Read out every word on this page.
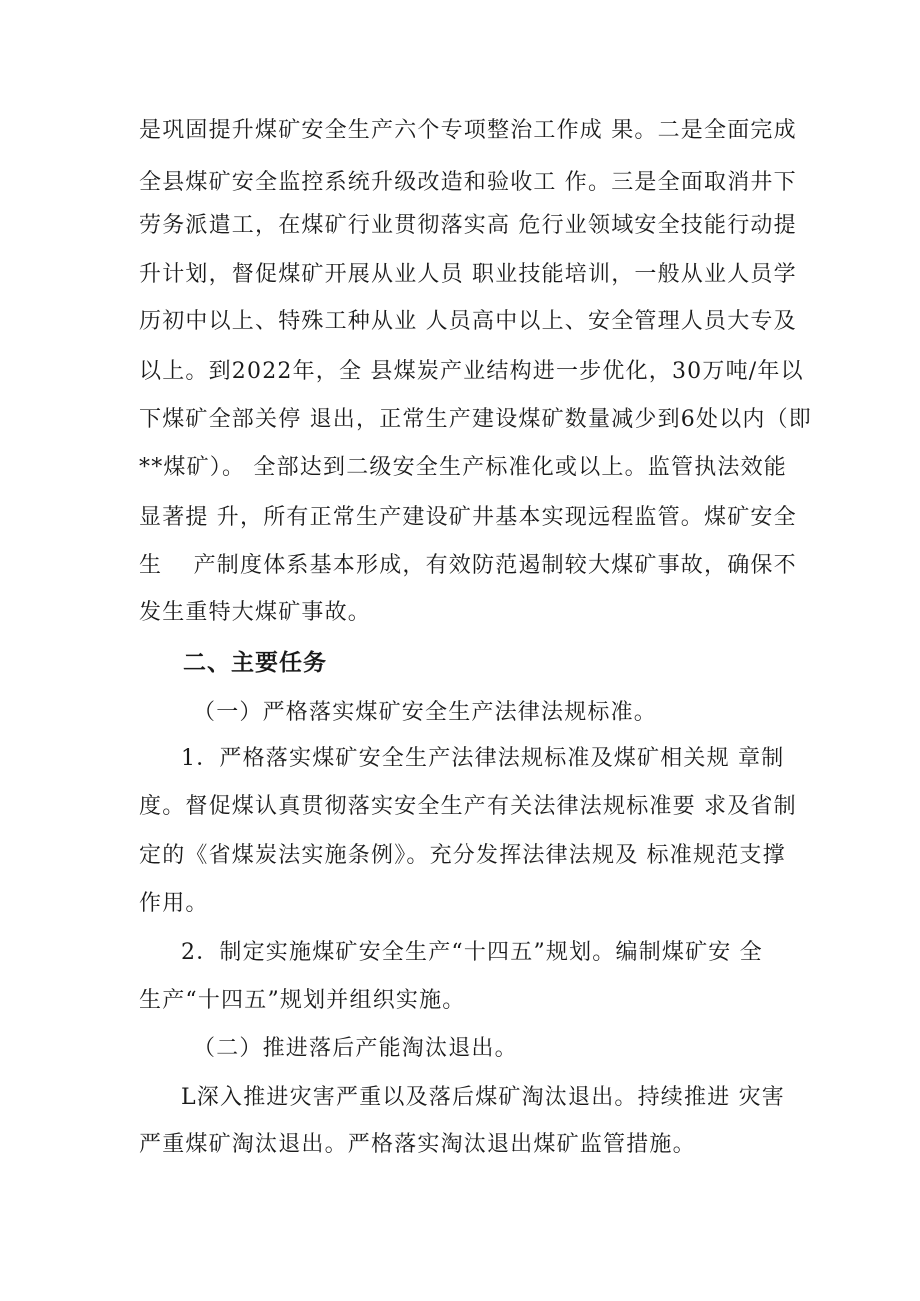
是巩固提升煤矿安全生产六个专项整治工作成 果。二是全面完成
全县煤矿安全监控系统升级改造和验收工 作。三是全面取消井下
劳务派遣工，在煤矿行业贯彻落实高 危行业领域安全技能行动提
升计划，督促煤矿开展从业人员 职业技能培训，一般从业人员学
历初中以上、特殊工种从业 人员高中以上、安全管理人员大专及
以上。到2022年，全 县煤炭产业结构进一步优化，30万吨/年以
下煤矿全部关停 退出，正常生产建设煤矿数量减少到6处以内（即
**煤矿）。 全部达到二级安全生产标准化或以上。监管执法效能
显著提 升，所有正常生产建设矿井基本实现远程监管。煤矿安全
生　 产制度体系基本形成，有效防范遏制较大煤矿事故，确保不
发生重特大煤矿事故。
二、主要任务
（一）严格落实煤矿安全生产法律法规标准。
1．严格落实煤矿安全生产法律法规标准及煤矿相关规 章制
度。督促煤认真贯彻落实安全生产有关法律法规标准要 求及省制
定的《省煤炭法实施条例》。充分发挥法律法规及 标准规范支撑
作用。
2．制定实施煤矿安全生产“十四五”规划。编制煤矿安 全
生产“十四五”规划并组织实施。
（二）推进落后产能淘汰退出。
L深入推进灾害严重以及落后煤矿淘汰退出。持续推进 灾害
严重煤矿淘汰退出。严格落实淘汰退出煤矿监管措施。
